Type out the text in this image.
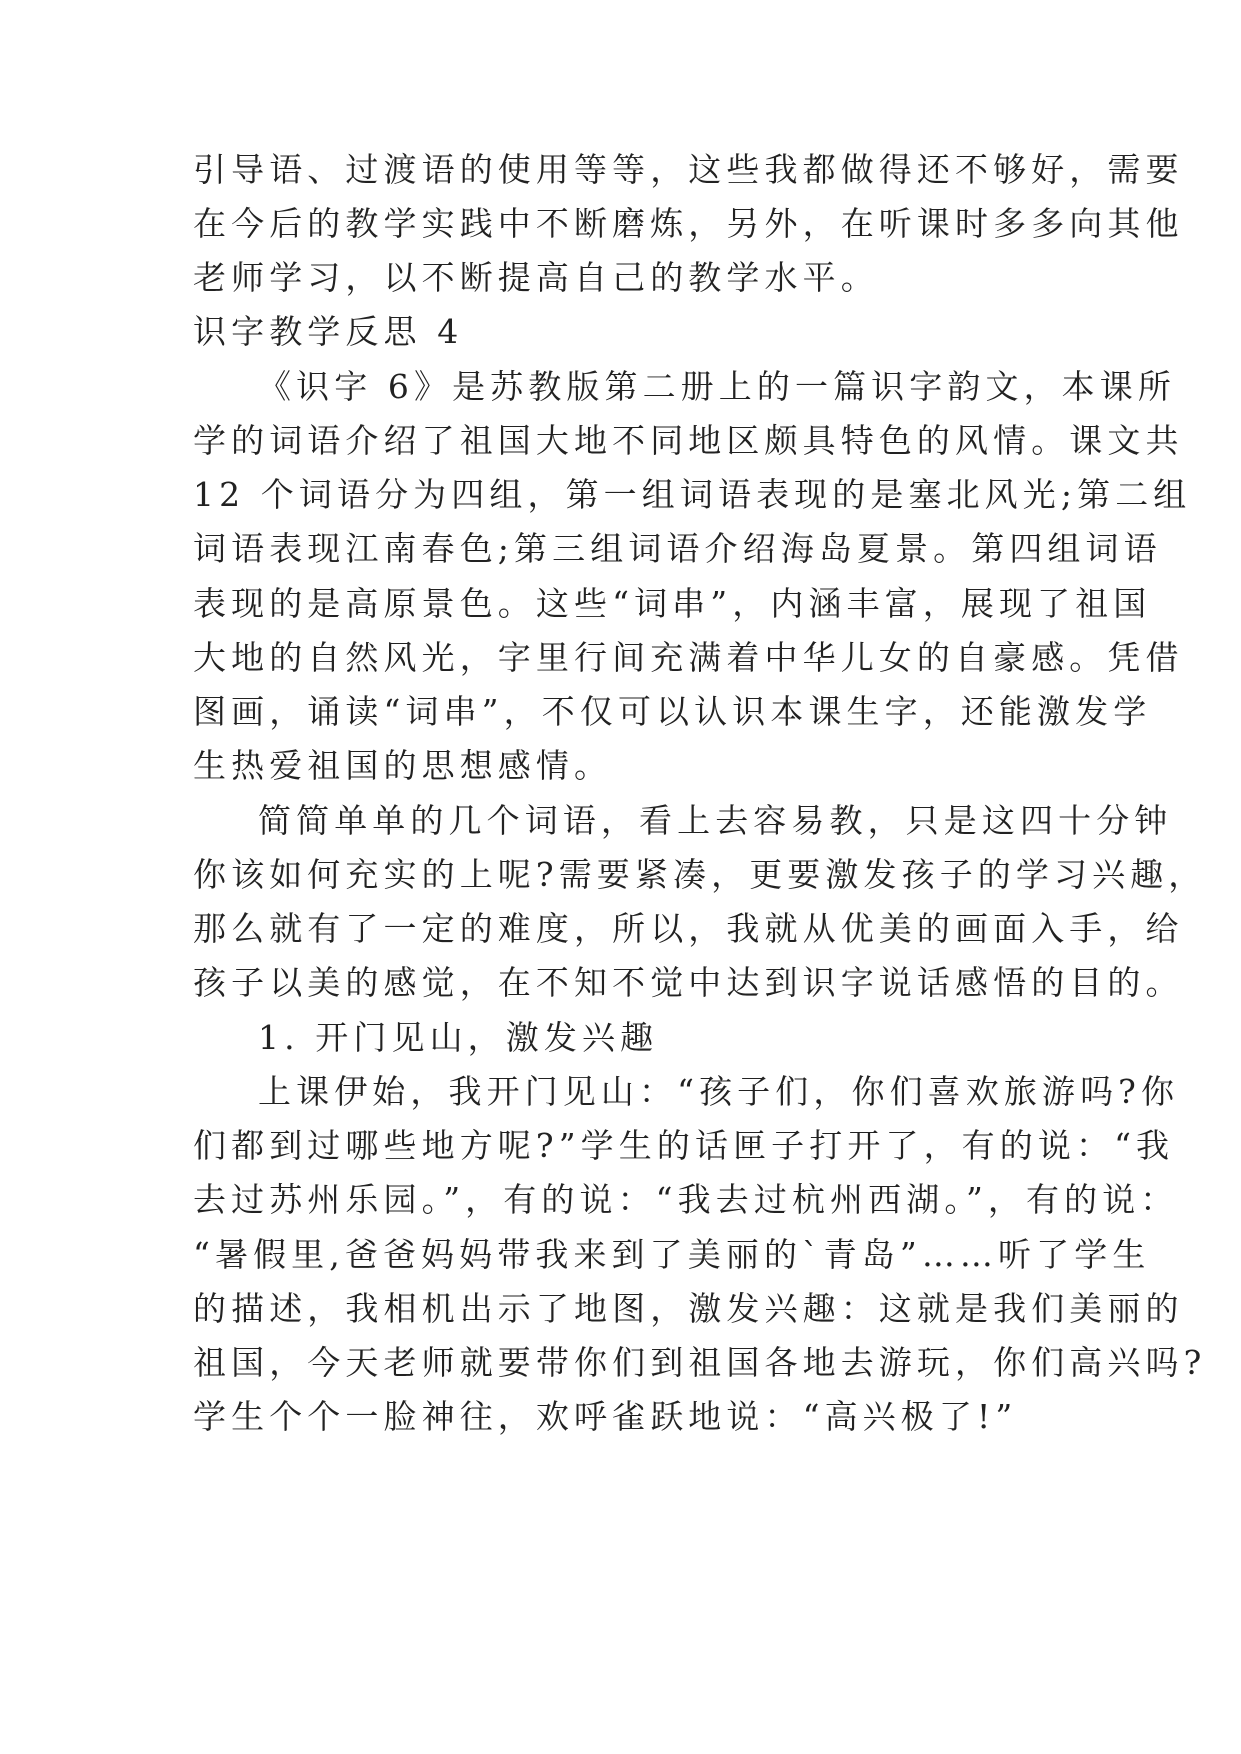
引导语、过渡语的使用等等，这些我都做得还不够好，需要
在今后的教学实践中不断磨炼，另外，在听课时多多向其他
老师学习，以不断提高自己的教学水平。
识字教学反思 4
《识字 6》是苏教版第二册上的一篇识字韵文，本课所
学的词语介绍了祖国大地不同地区颇具特色的风情。课文共
12 个词语分为四组，第一组词语表现的是塞北风光;第二组
词语表现江南春色;第三组词语介绍海岛夏景。第四组词语
表现的是高原景色。这些“词串”，内涵丰富，展现了祖国
大地的自然风光，字里行间充满着中华儿女的自豪感。凭借
图画，诵读“词串”，不仅可以认识本课生字，还能激发学
生热爱祖国的思想感情。
简简单单的几个词语，看上去容易教，只是这四十分钟
你该如何充实的上呢?需要紧凑，更要激发孩子的学习兴趣，
那么就有了一定的难度，所以，我就从优美的画面入手，给
孩子以美的感觉，在不知不觉中达到识字说话感悟的目的。
1. 开门见山，激发兴趣
上课伊始，我开门见山：“孩子们，你们喜欢旅游吗?你
们都到过哪些地方呢?”学生的话匣子打开了，有的说：“我
去过苏州乐园。”，有的说：“我去过杭州西湖。”，有的说：
“暑假里,爸爸妈妈带我来到了美丽的`青岛”……听了学生
的描述，我相机出示了地图，激发兴趣：这就是我们美丽的
祖国，今天老师就要带你们到祖国各地去游玩，你们高兴吗?
学生个个一脸神往，欢呼雀跃地说：“高兴极了!”
